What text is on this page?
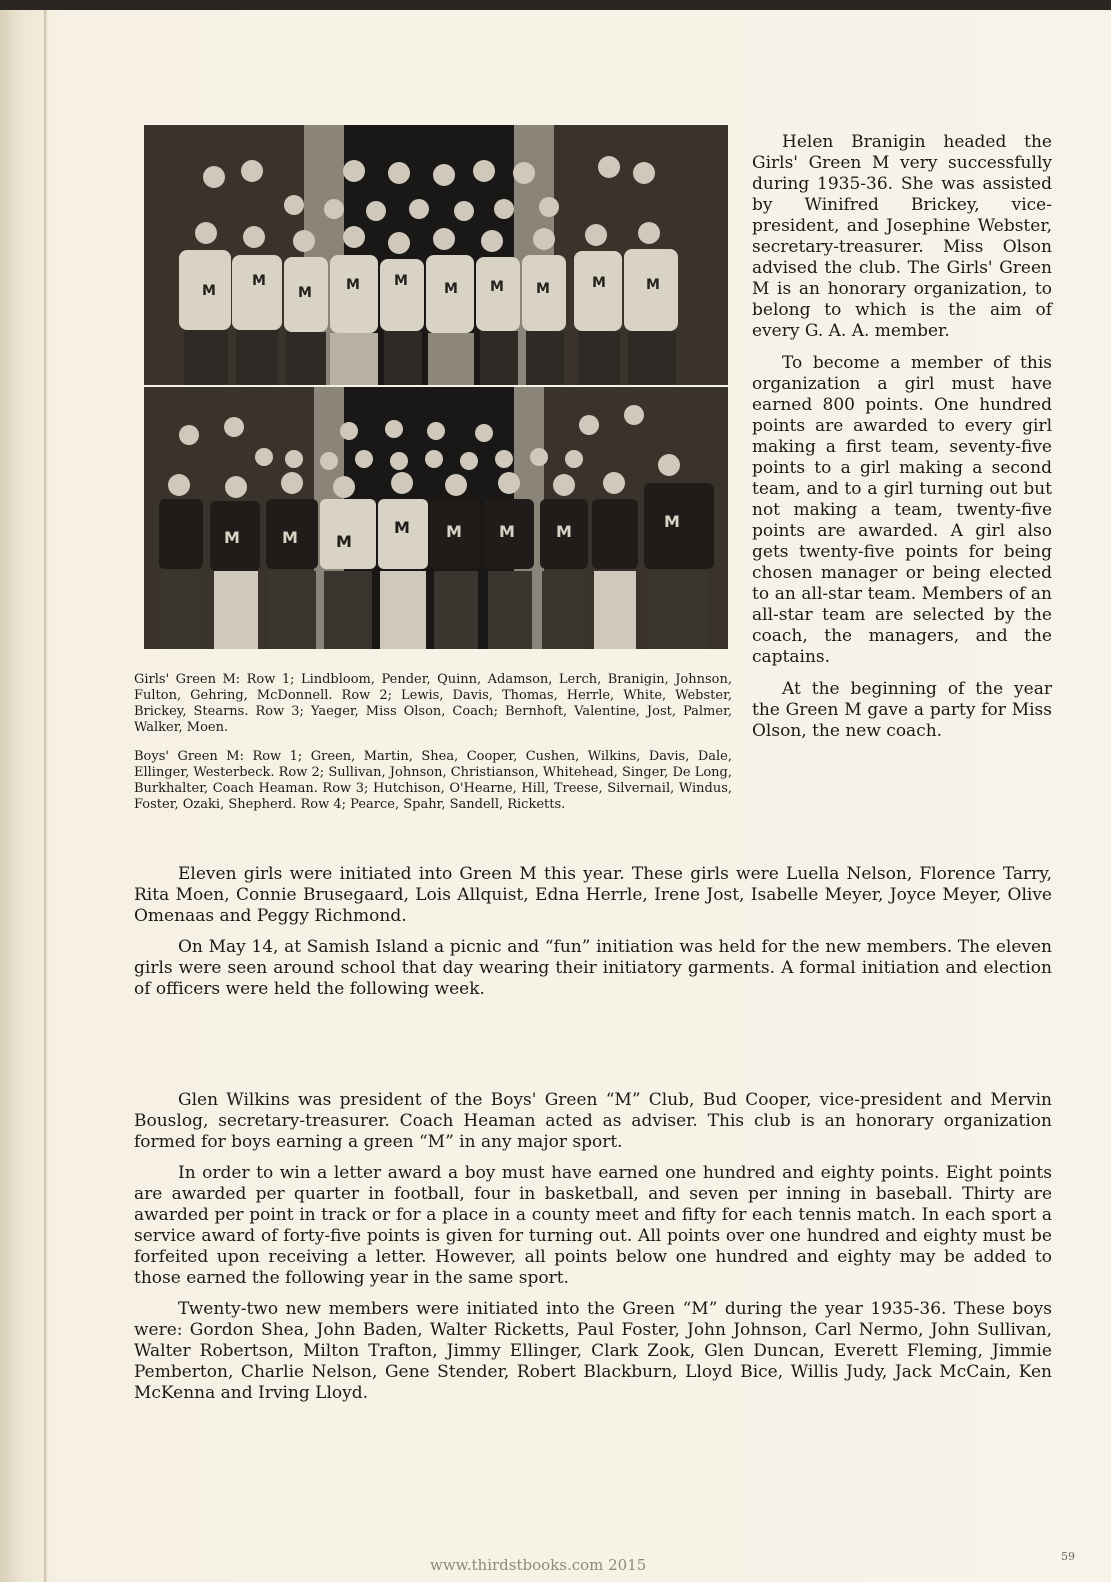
M
M
M M M	M M M	M	M
M	M M
M M M	M
M
Girls' Green M: Row 1; Lindbloom, Pender, Quinn, Adamson, Lerch, Branigin, Johnson, Fulton, Gehring, McDonnell. Row 2; Lewis, Davis, Thomas, Herrle, White, Webster, Brickey, Stearns. Row 3; Yaeger, Miss Olson, Coach; Bernhoft, Valentine, Jost, Palmer, Walker, Moen.
Boys' Green M: Row 1; Green, Martin, Shea, Cooper, Cushen, Wilkins, Davis, Dale, Ellinger, Westerbeck. Row 2; Sullivan, Johnson, Christianson, Whitehead, Singer, De Long, Burkhalter, Coach Heaman. Row 3; Hutchison, O'Hearne, Hill, Treese, Silvernail, Windus, Foster, Ozaki, Shepherd. Row 4; Pearce, Spahr, Sandell, Ricketts.

Helen Branigin headed the Girls' Green M very successfully during 1935-36. She was assisted by Winifred Brickey, vice-president, and Josephine Webster, secretary-treasurer. Miss Olson advised the club. The Girls' Green M is an honorary organization, to belong to which is the aim of every G. A. A. member.

To become a member of this organization a girl must have earned 800 points. One hundred points are awarded to every girl making a first team, seventy-five points to a girl making a second team, and to a girl turning out but not making a team, twenty-five points are awarded. A girl also gets twenty-five points for being chosen manager or being elected to an all-star team. Members of an all-star team are selected by the coach, the managers, and the captains.

At the beginning of the year the Green M gave a party for Miss Olson, the new coach.

Eleven girls were initiated into Green M this year. These girls were Luella Nelson, Florence Tarry, Rita Moen, Connie Brusegaard, Lois Allquist, Edna Herrle, Irene Jost, Isabelle Meyer, Joyce Meyer, Olive Omenaas and Peggy Richmond.

On May 14, at Samish Island a picnic and “fun” initiation was held for the new members. The eleven girls were seen around school that day wearing their initiatory garments. A formal initiation and election of officers were held the following week.

Glen Wilkins was president of the Boys' Green “M” Club, Bud Cooper, vice-president and Mervin Bouslog, secretary-treasurer. Coach Heaman acted as adviser. This club is an honorary organization formed for boys earning a green “M” in any major sport.

In order to win a letter award a boy must have earned one hundred and eighty points. Eight points are awarded per quarter in football, four in basketball, and seven per inning in baseball. Thirty are awarded per point in track or for a place in a county meet and fifty for each tennis match. In each sport a service award of forty-five points is given for turning out. All points over one hundred and eighty must be forfeited upon receiving a letter. However, all points below one hundred and eighty may be added to those earned the following year in the same sport.

Twenty-two new members were initiated into the Green “M” during the year 1935-36. These boys were: Gordon Shea, John Baden, Walter Ricketts, Paul Foster, John Johnson, Carl Nermo, John Sullivan, Walter Robertson, Milton Trafton, Jimmy Ellinger, Clark Zook, Glen Duncan, Everett Fleming, Jimmie Pemberton, Charlie Nelson, Gene Stender, Robert Blackburn, Lloyd Bice, Willis Judy, Jack McCain, Ken McKenna and Irving Lloyd.

59
www.thirdstbooks.com 2015
